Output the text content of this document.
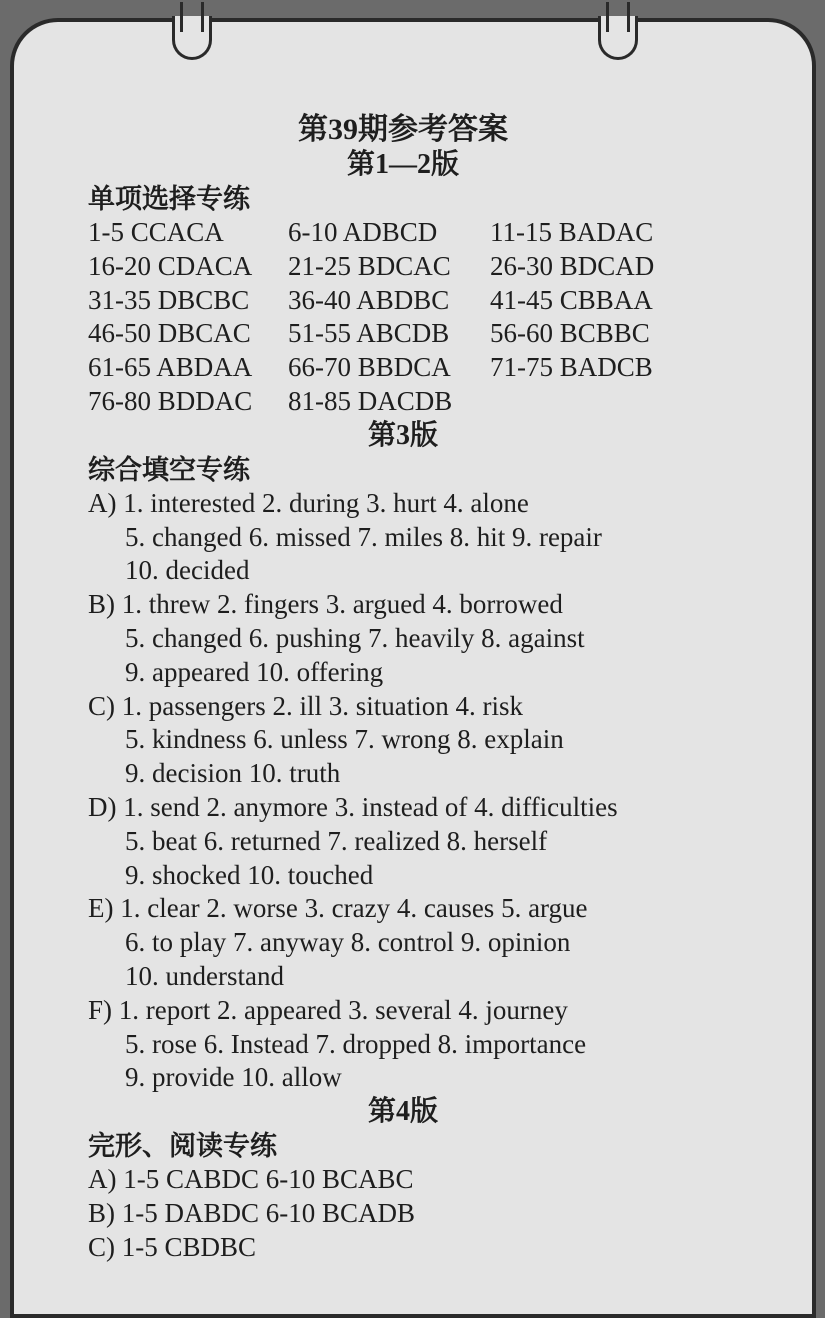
第39期参考答案
第1—2版
单项选择专练
1-5 CCACA	6-10 ADBCD	11-15 BADAC
16-20 CDACA	21-25 BDCAC	26-30 BDCAD
31-35 DBCBC	36-40 ABDBC	41-45 CBBAA
46-50 DBCAC	51-55 ABCDB	56-60 BCBBC
61-65 ABDAA	66-70 BBDCA	71-75 BADCB
76-80 BDDAC	81-85 DACDB
第3版
综合填空专练
A) 1. interested 2. during 3. hurt 4. alone
5. changed 6. missed 7. miles 8. hit 9. repair
10. decided
B) 1. threw 2. fingers 3. argued 4. borrowed
5. changed 6. pushing 7. heavily 8. against
9. appeared 10. offering
C) 1. passengers 2. ill 3. situation 4. risk
5. kindness 6. unless 7. wrong 8. explain
9. decision 10. truth
D) 1. send 2. anymore 3. instead of 4. difficulties
5. beat 6. returned 7. realized 8. herself
9. shocked 10. touched
E) 1. clear 2. worse 3. crazy 4. causes 5. argue
6. to play 7. anyway 8. control 9. opinion
10. understand
F) 1. report 2. appeared 3. several 4. journey
5. rose 6. Instead 7. dropped 8. importance
9. provide 10. allow
第4版
完形、阅读专练
A) 1-5 CABDC 6-10 BCABC
B) 1-5 DABDC 6-10 BCADB
C) 1-5 CBDBC
